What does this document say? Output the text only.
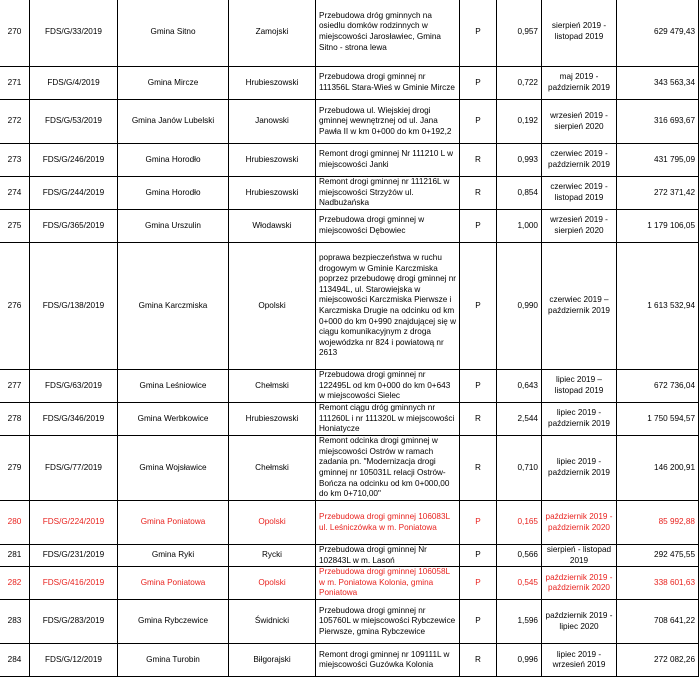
270	FDS/G/33/2019	Gmina Sitno	Zamojski	Przebudowa dróg gminnych na osiedlu domków rodzinnych w miejscowości Jarosławiec, Gmina Sitno - strona lewa	P	0,957	sierpień 2019 - listopad 2019	629 479,43
271	FDS/G/4/2019	Gmina Mircze	Hrubieszowski	Przebudowa drogi gminnej nr 111356L Stara-Wieś w Gminie Mircze	P	0,722	maj 2019 - październik 2019	343 563,34
272	FDS/G/53/2019	Gmina Janów Lubelski	Janowski	Przebudowa ul. Wiejskiej drogi gminnej wewnętrznej od ul. Jana Pawła II w km 0+000 do km 0+192,2	P	0,192	wrzesień 2019 - sierpień 2020	316 693,67
273	FDS/G/246/2019	Gmina Horodło	Hrubieszowski	Remont drogi gminnej Nr 111210 L w miejscowości Janki	R	0,993	czerwiec 2019 - październik 2019	431 795,09
274	FDS/G/244/2019	Gmina Horodło	Hrubieszowski	Remont drogi gminnej nr 111216L w miejscowości Strzyżów ul. Nadbużańska	R	0,854	czerwiec 2019 - listopad 2019	272 371,42
275	FDS/G/365/2019	Gmina Urszulin	Włodawski	Przebudowa drogi gminnej w miejscowości Dębowiec	P	1,000	wrzesień 2019 - sierpień 2020	1 179 106,05
276	FDS/G/138/2019	Gmina Karczmiska	Opolski	poprawa bezpieczeństwa w ruchu drogowym w Gminie Karczmiska poprzez przebudowę drogi gminnej nr 113494L, ul. Starowiejska w miejscowości Karczmiska Pierwsze i Karczmiska Drugie na odcinku od km 0+000 do km 0+990 znajdującej się w ciągu komunikacyjnym z droga wojewódzka nr 824 i powiatową nr 2613	P	0,990	czerwiec 2019 – październik 2019	1 613 532,94
277	FDS/G/63/2019	Gmina Leśniowice	Chełmski	Przebudowa drogi gminnej nr 122495L od km 0+000 do km 0+643 w miejscowości Sielec	P	0,643	lipiec 2019 – listopad 2019	672 736,04
278	FDS/G/346/2019	Gmina Werbkowice	Hrubieszowski	Remont ciągu dróg gminnych nr 111260L i nr 111320L w miejscowości Honiatycze	R	2,544	lipiec 2019 - październik 2019	1 750 594,57
279	FDS/G/77/2019	Gmina Wojsławice	Chełmski	Remont odcinka drogi gminnej w miejscowości Ostrów w ramach zadania pn. "Modernizacja drogi gminnej nr 105031L relacji Ostrów-Bończa na odcinku od km 0+000,00 do km 0+710,00"	R	0,710	lipiec 2019 - październik 2019	146 200,91
280	FDS/G/224/2019	Gmina Poniatowa	Opolski	Przebudowa drogi gminnej 106083L ul. Leśniczówka w m. Poniatowa	P	0,165	październik 2019 - październik 2020	85 992,88
281	FDS/G/231/2019	Gmina Ryki	Rycki	Przebudowa drogi gminnej Nr 102843L w m. Lasoń	P	0,566	sierpień - listopad 2019	292 475,55
282	FDS/G/416/2019	Gmina Poniatowa	Opolski	Przebudowa drogi gminnej 106058L w m. Poniatowa Kolonia, gmina Poniatowa	P	0,545	październik 2019 - październik 2020	338 601,63
283	FDS/G/283/2019	Gmina Rybczewice	Świdnicki	Przebudowa drogi gminnej nr 105760L w miejscowości Rybczewice Pierwsze, gmina Rybczewice	P	1,596	październik 2019 - lipiec 2020	708 641,22
284	FDS/G/12/2019	Gmina Turobin	Biłgorajski	Remont drogi gminnej nr 109111L w miejscowości Guzówka Kolonia	R	0,996	lipiec 2019 - wrzesień 2019	272 082,26
